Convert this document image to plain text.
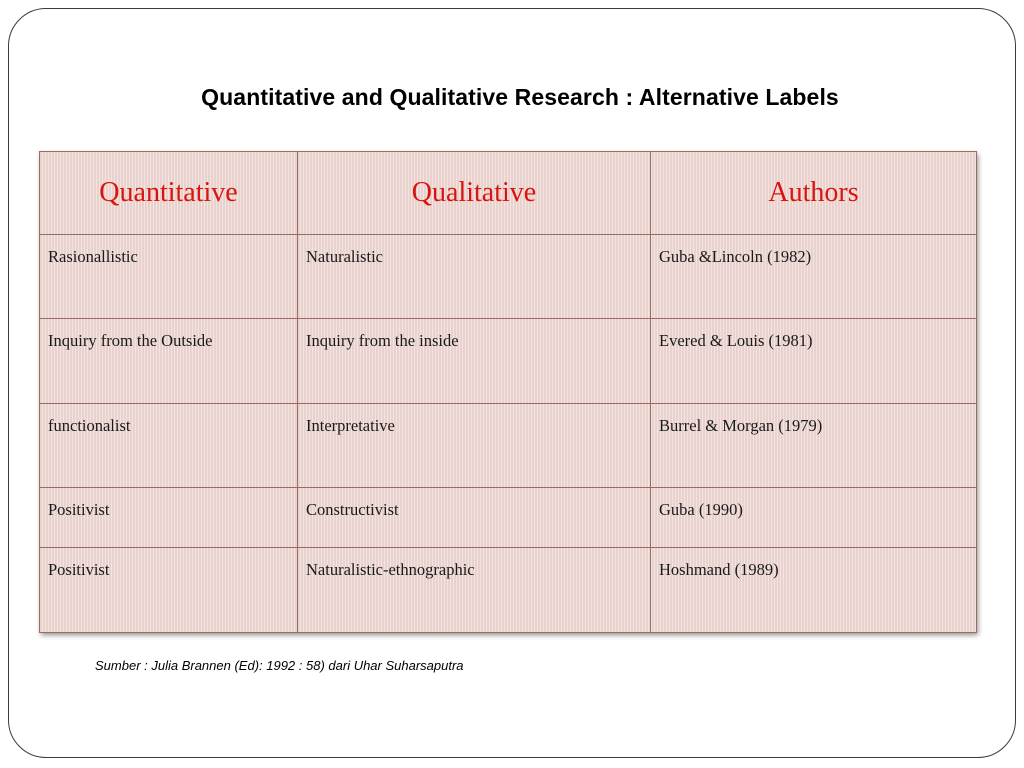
Quantitative and Qualitative Research : Alternative Labels
Quantitative	Qualitative	Authors
Rasionallistic	Naturalistic	Guba &Lincoln (1982)
Inquiry from the Outside	Inquiry from the inside	Evered & Louis (1981)
functionalist	Interpretative	Burrel & Morgan (1979)
Positivist	Constructivist	Guba (1990)
Positivist	Naturalistic-ethnographic	Hoshmand (1989)
Sumber : Julia Brannen (Ed): 1992 : 58) dari Uhar Suharsaputra
